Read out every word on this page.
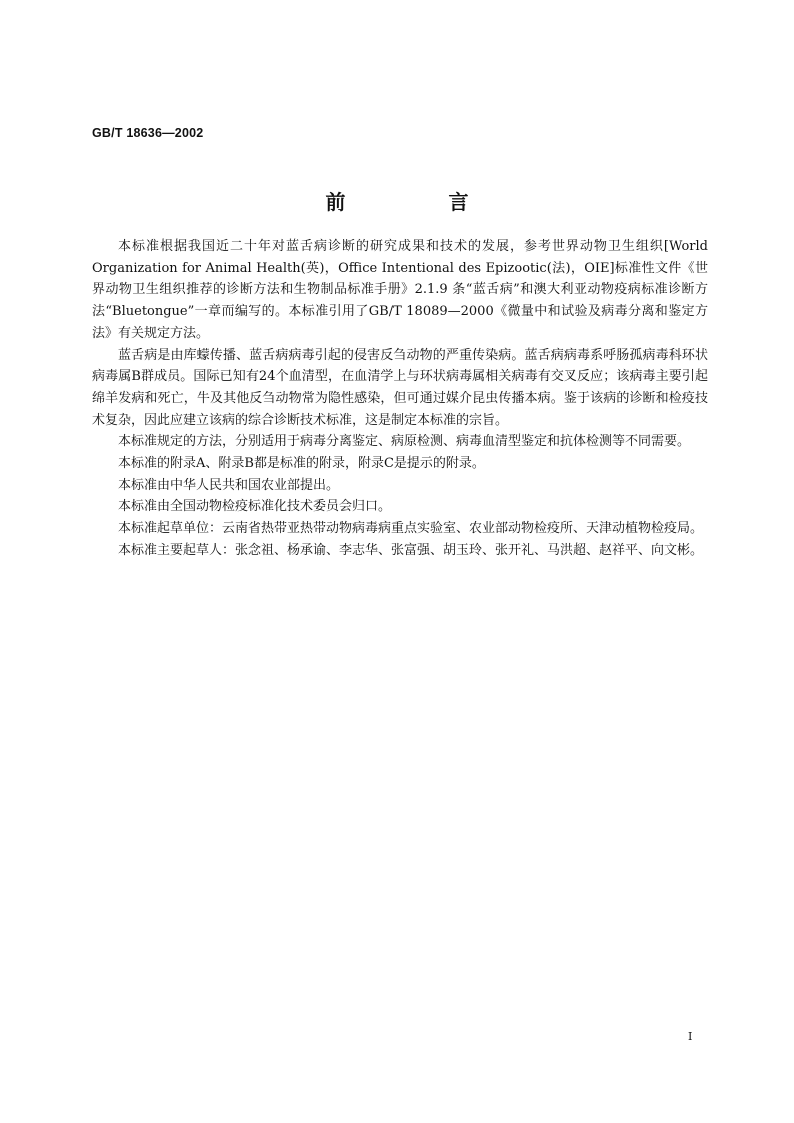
GB/T 18636—2002
前 言

本标准根据我国近二十年对蓝舌病诊断的研究成果和技术的发展，参考世界动物卫生组织[World Organization for Animal Health(英)，Office Intentional des Epizootic(法)，OIE]标准性文件《世界动物卫生组织推荐的诊断方法和生物制品标准手册》2.1.9 条“蓝舌病”和澳大利亚动物疫病标准诊断方法“Bluetongue”一章而编写的。本标准引用了GB/T 18089—2000《微量中和试验及病毒分离和鉴定方法》有关规定方法。

蓝舌病是由库蠓传播、蓝舌病病毒引起的侵害反刍动物的严重传染病。蓝舌病病毒系呼肠孤病毒科环状病毒属B群成员。国际已知有24个血清型，在血清学上与环状病毒属相关病毒有交叉反应；该病毒主要引起绵羊发病和死亡，牛及其他反刍动物常为隐性感染，但可通过媒介昆虫传播本病。鉴于该病的诊断和检疫技术复杂，因此应建立该病的综合诊断技术标准，这是制定本标准的宗旨。

本标准规定的方法，分别适用于病毒分离鉴定、病原检测、病毒血清型鉴定和抗体检测等不同需要。

本标准的附录A、附录B都是标准的附录，附录C是提示的附录。

本标准由中华人民共和国农业部提出。

本标准由全国动物检疫标准化技术委员会归口。

本标准起草单位：云南省热带亚热带动物病毒病重点实验室、农业部动物检疫所、天津动植物检疫局。

本标准主要起草人：张念祖、杨承谕、李志华、张富强、胡玉玲、张开礼、马洪超、赵祥平、向文彬。

I
